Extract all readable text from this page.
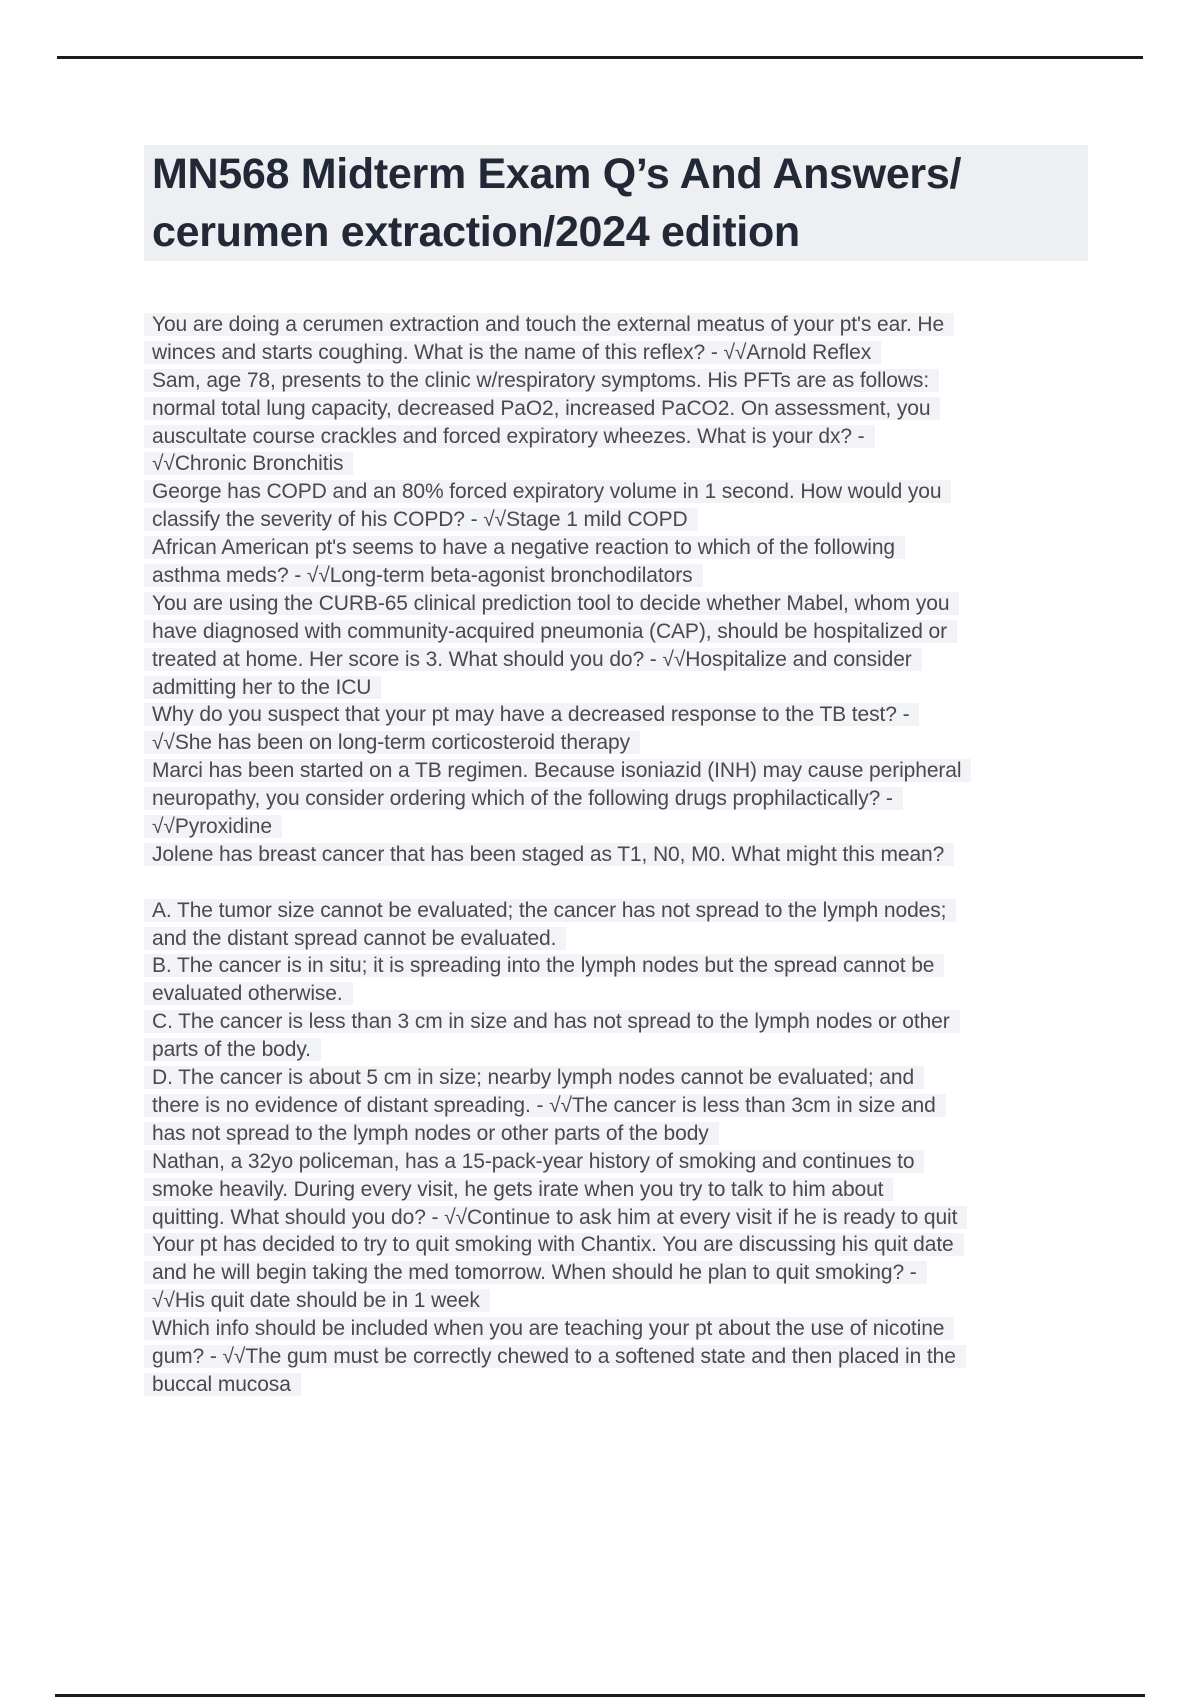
MN568 Midterm Exam Q’s And Answers/
cerumen extraction/2024 edition
You are doing a cerumen extraction and touch the external meatus of your pt's ear. He
winces and starts coughing. What is the name of this reflex? - √√Arnold Reflex
Sam, age 78, presents to the clinic w/respiratory symptoms. His PFTs are as follows:
normal total lung capacity, decreased PaO2, increased PaCO2. On assessment, you
auscultate course crackles and forced expiratory wheezes. What is your dx? -
√√Chronic Bronchitis
George has COPD and an 80% forced expiratory volume in 1 second. How would you
classify the severity of his COPD? - √√Stage 1 mild COPD
African American pt's seems to have a negative reaction to which of the following
asthma meds? - √√Long-term beta-agonist bronchodilators
You are using the CURB-65 clinical prediction tool to decide whether Mabel, whom you
have diagnosed with community-acquired pneumonia (CAP), should be hospitalized or
treated at home. Her score is 3. What should you do? - √√Hospitalize and consider
admitting her to the ICU
Why do you suspect that your pt may have a decreased response to the TB test? -
√√She has been on long-term corticosteroid therapy
Marci has been started on a TB regimen. Because isoniazid (INH) may cause peripheral
neuropathy, you consider ordering which of the following drugs prophilactically? -
√√Pyroxidine
Jolene has breast cancer that has been staged as T1, N0, M0. What might this mean?
A. The tumor size cannot be evaluated; the cancer has not spread to the lymph nodes;
and the distant spread cannot be evaluated.
B. The cancer is in situ; it is spreading into the lymph nodes but the spread cannot be
evaluated otherwise.
C. The cancer is less than 3 cm in size and has not spread to the lymph nodes or other
parts of the body.
D. The cancer is about 5 cm in size; nearby lymph nodes cannot be evaluated; and
there is no evidence of distant spreading. - √√The cancer is less than 3cm in size and
has not spread to the lymph nodes or other parts of the body
Nathan, a 32yo policeman, has a 15-pack-year history of smoking and continues to
smoke heavily. During every visit, he gets irate when you try to talk to him about
quitting. What should you do? - √√Continue to ask him at every visit if he is ready to quit
Your pt has decided to try to quit smoking with Chantix. You are discussing his quit date
and he will begin taking the med tomorrow. When should he plan to quit smoking? -
√√His quit date should be in 1 week
Which info should be included when you are teaching your pt about the use of nicotine
gum? - √√The gum must be correctly chewed to a softened state and then placed in the
buccal mucosa
